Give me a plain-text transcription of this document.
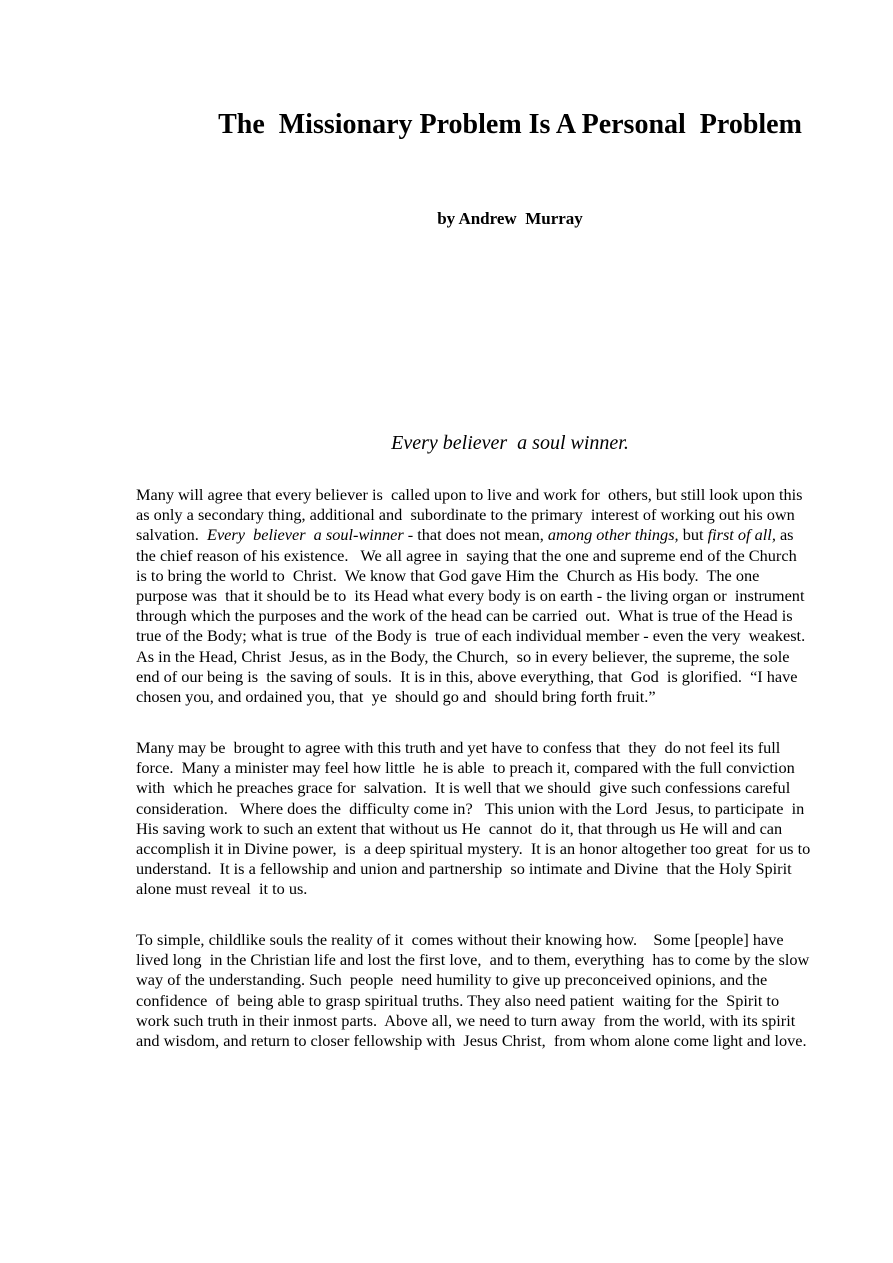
The  Missionary Problem Is A Personal  Problem
by Andrew  Murray
Every believer  a soul winner.

Many will agree that every believer is  called upon to live and work for  others, but still look upon this
as only a secondary thing, additional and  subordinate to the primary  interest of working out his own
salvation.  Every  believer  a soul-winner - that does not mean, among other things, but first of all, as
the chief reason of his existence.   We all agree in  saying that the one and supreme end of the Church
is to bring the world to  Christ.  We know that God gave Him the  Church as His body.  The one
purpose was  that it should be to  its Head what every body is on earth - the living organ or  instrument
through which the purposes and the work of the head can be carried  out.  What is true of the Head is
true of the Body; what is true  of the Body is  true of each individual member - even the very  weakest.
As in the Head, Christ  Jesus, as in the Body, the Church,  so in every believer, the supreme, the sole
end of our being is  the saving of souls.  It is in this, above everything, that  God  is glorified.  “I have
chosen you, and ordained you, that  ye  should go and  should bring forth fruit.”

Many may be  brought to agree with this truth and yet have to confess that  they  do not feel its full
force.  Many a minister may feel how little  he is able  to preach it, compared with the full conviction
with  which he preaches grace for  salvation.  It is well that we should  give such confessions careful
consideration.   Where does the  difficulty come in?   This union with the Lord  Jesus, to participate  in
His saving work to such an extent that without us He  cannot  do it, that through us He will and can
accomplish it in Divine power,  is  a deep spiritual mystery.  It is an honor altogether too great  for us to
understand.  It is a fellowship and union and partnership  so intimate and Divine  that the Holy Spirit
alone must reveal  it to us.

To simple, childlike souls the reality of it  comes without their knowing how.    Some [people] have
lived long  in the Christian life and lost the first love,  and to them, everything  has to come by the slow
way of the understanding. Such  people  need humility to give up preconceived opinions, and the
confidence  of  being able to grasp spiritual truths. They also need patient  waiting for the  Spirit to
work such truth in their inmost parts.  Above all, we need to turn away  from the world, with its spirit
and wisdom, and return to closer fellowship with  Jesus Christ,  from whom alone come light and love.
